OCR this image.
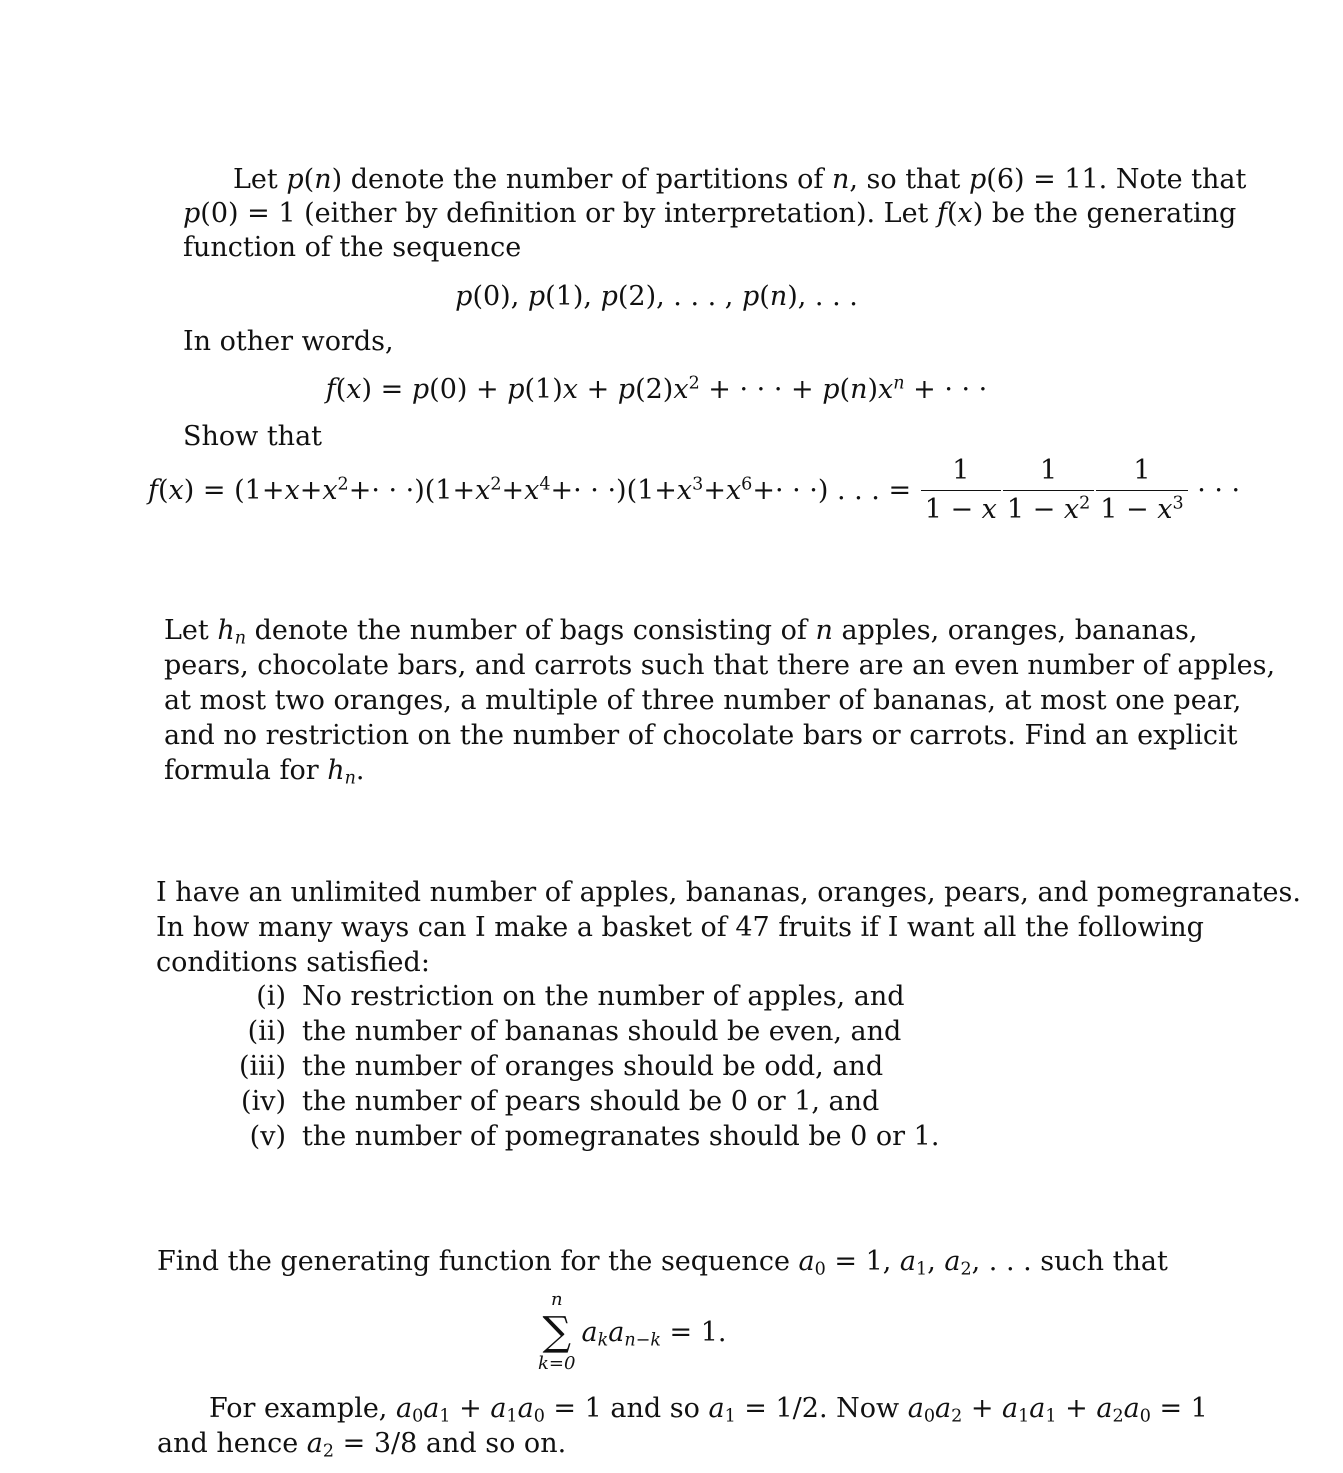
Let p(n) denote the number of partitions of n, so that p(6) = 11. Note that
p(0) = 1 (either by definition or by interpretation). Let f(x) be the generating
function of the sequence
p(0), p(1), p(2), . . . , p(n), . . .
In other words,
$f(x) = p(0) + p(1)x + p(2)x^2$ + · · · + $p(n)x^n$ + · · ·
Show that
$f(x) = (1+x+x^2+\cdot \cdot \cdot)(1+x^2+x^4+\cdot \cdot \cdot)(1+x^3+x^6+\cdot$ · ·) . . . = $\frac{1}{1 - x} \frac{1}{1 - x^2} \frac{1}{1 - x^3}$ · · ·
Let $h_n$ denote the number of bags consisting of n apples, oranges, bananas,
pears, chocolate bars, and carrots such that there are an even number of apples,
at most two oranges, a multiple of three number of bananas, at most one pear,
and no restriction on the number of chocolate bars or carrots. Find an explicit
formula for $h_n$.
I have an unlimited number of apples, bananas, oranges, pears, and pomegranates.
In how many ways can I make a basket of 47 fruits if I want all the following
conditions satisfied:
(i) No restriction on the number of apples, and
(ii) the number of bananas should be even, and
(iii) the number of oranges should be odd, and
(iv) the number of pears should be 0 or 1, and
(v) the number of pomegranates should be 0 or 1.
Find the generating function for the sequence $a_0 = 1$, $a_1$, $a_2$, . . . such that
n
∑
k=0
$a_ka_{n-k} = 1$.
For example, $a_0a_1 + a_1a_0 = 1$ and so $a_1 = 1/2$. Now $a_0a_2 + a_1a_1 + a_2a_0 = 1$
and hence $a_2 = 3/8$ and so on.
